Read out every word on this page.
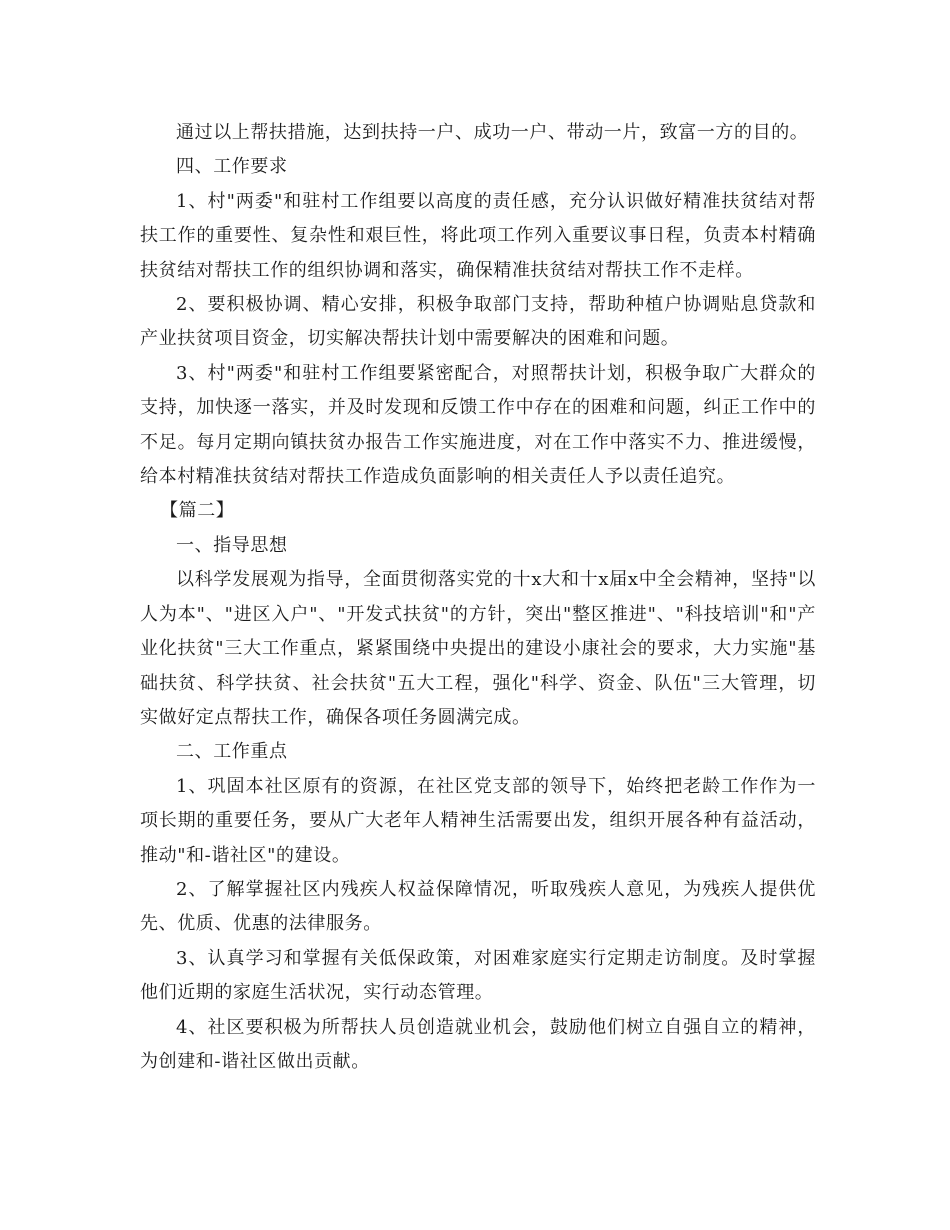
通过以上帮扶措施，达到扶持一户、成功一户、带动一片，致富一方的目的。

四、工作要求

1、村"两委"和驻村工作组要以高度的责任感，充分认识做好精准扶贫结对帮扶工作的重要性、复杂性和艰巨性，将此项工作列入重要议事日程，负责本村精确扶贫结对帮扶工作的组织协调和落实，确保精准扶贫结对帮扶工作不走样。

2、要积极协调、精心安排，积极争取部门支持，帮助种植户协调贴息贷款和产业扶贫项目资金，切实解决帮扶计划中需要解决的困难和问题。

3、村"两委"和驻村工作组要紧密配合，对照帮扶计划，积极争取广大群众的支持，加快逐一落实，并及时发现和反馈工作中存在的困难和问题，纠正工作中的不足。每月定期向镇扶贫办报告工作实施进度，对在工作中落实不力、推进缓慢，给本村精准扶贫结对帮扶工作造成负面影响的相关责任人予以责任追究。

【篇二】

一、指导思想

以科学发展观为指导，全面贯彻落实党的十x大和十x届x中全会精神，坚持"以人为本"、"进区入户"、"开发式扶贫"的方针，突出"整区推进"、"科技培训"和"产业化扶贫"三大工作重点，紧紧围绕中央提出的建设小康社会的要求，大力实施"基础扶贫、科学扶贫、社会扶贫"五大工程，强化"科学、资金、队伍"三大管理，切实做好定点帮扶工作，确保各项任务圆满完成。

二、工作重点

1、巩固本社区原有的资源，在社区党支部的领导下，始终把老龄工作作为一项长期的重要任务，要从广大老年人精神生活需要出发，组织开展各种有益活动，推动"和-谐社区"的建设。

2、了解掌握社区内残疾人权益保障情况，听取残疾人意见，为残疾人提供优先、优质、优惠的法律服务。

3、认真学习和掌握有关低保政策，对困难家庭实行定期走访制度。及时掌握他们近期的家庭生活状况，实行动态管理。

4、社区要积极为所帮扶人员创造就业机会，鼓励他们树立自强自立的精神，为创建和-谐社区做出贡献。
